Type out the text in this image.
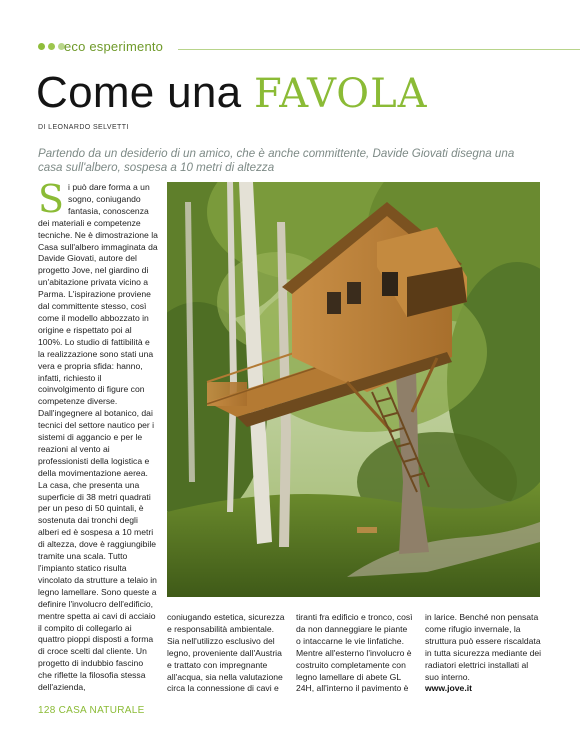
eco esperimento
Come una FAVOLA
DI LEONARDO SELVETTI

Partendo da un desiderio di un amico, che è anche committente, Davide Giovati disegna una casa sull'albero, sospesa a 10 metri di altezza

S i può dare forma a un sogno, coniugando fantasia, conoscenza dei materiali e competenze tecniche. Ne è dimostrazione la Casa sull'albero immaginata da Davide Giovati, autore del progetto Jove, nel giardino di un'abitazione privata vicino a Parma. L'ispirazione proviene dal committente stesso, così come il modello abbozzato in origine e rispettato poi al 100%. Lo studio di fattibilità e la realizzazione sono stati una vera e propria sfida: hanno, infatti, richiesto il coinvolgimento di figure con competenze diverse. Dall'ingegnere al botanico, dai tecnici del settore nautico per i sistemi di aggancio e per le reazioni al vento ai professionisti della logistica e della movimentazione aerea. La casa, che presenta una superficie di 38 metri quadrati per un peso di 50 quintali, è sostenuta dai tronchi degli alberi ed è sospesa a 10 metri di altezza, dove è raggiungibile tramite una scala. Tutto l'impianto statico risulta vincolato da strutture a telaio in legno lamellare. Sono queste a definire l'involucro dell'edificio, mentre spetta ai cavi di acciaio il compito di collegarlo ai quattro pioppi disposti a forma di croce scelti dal cliente. Un progetto di indubbio fascino che riflette la filosofia stessa dell'azienda,

coniugando estetica, sicurezza e responsabilità ambientale. Sia nell'utilizzo esclusivo del legno, proveniente dall'Austria e trattato con impregnante all'acqua, sia nella valutazione circa la connessione di cavi e

tiranti fra edificio e tronco, così da non danneggiare le piante o intaccarne le vie linfatiche. Mentre all'esterno l'involucro è costruito completamente con legno lamellare di abete GL 24H, all'interno il pavimento è

in larice. Benché non pensata come rifugio invernale, la struttura può essere riscaldata in tutta sicurezza mediante dei radiatori elettrici installati al suo interno.

www.jove.it

128 CASA NATURALE
